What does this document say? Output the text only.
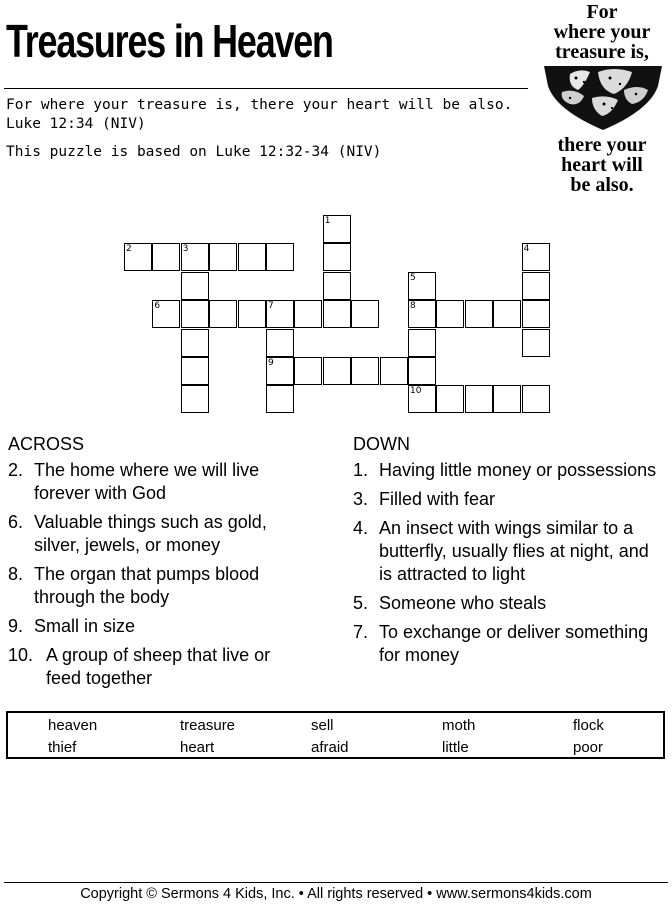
Treasures in Heaven
For where your treasure is, there your heart will be also.
Luke 12:34 (NIV)
This puzzle is based on Luke 12:32-34 (NIV)
For
where your
treasure is,
there your
heart will
be also.
1
2	3	4
5
8
10
6	7
9
ACROSS
2. The home where we will live forever with God
6. Valuable things such as gold, silver, jewels, or money
8. The organ that pumps blood through the body
9. Small in size
10. A group of sheep that live or feed together
DOWN
1. Having little money or possessions
3. Filled with fear
4. An insect with wings similar to a butterfly, usually flies at night, and is attracted to light
5. Someone who steals
7. To exchange or deliver something for money
heaven	treasure	sell	moth	flock
thief	heart	afraid	little	poor
Copyright © Sermons 4 Kids, Inc. • All rights reserved • www.sermons4kids.com
